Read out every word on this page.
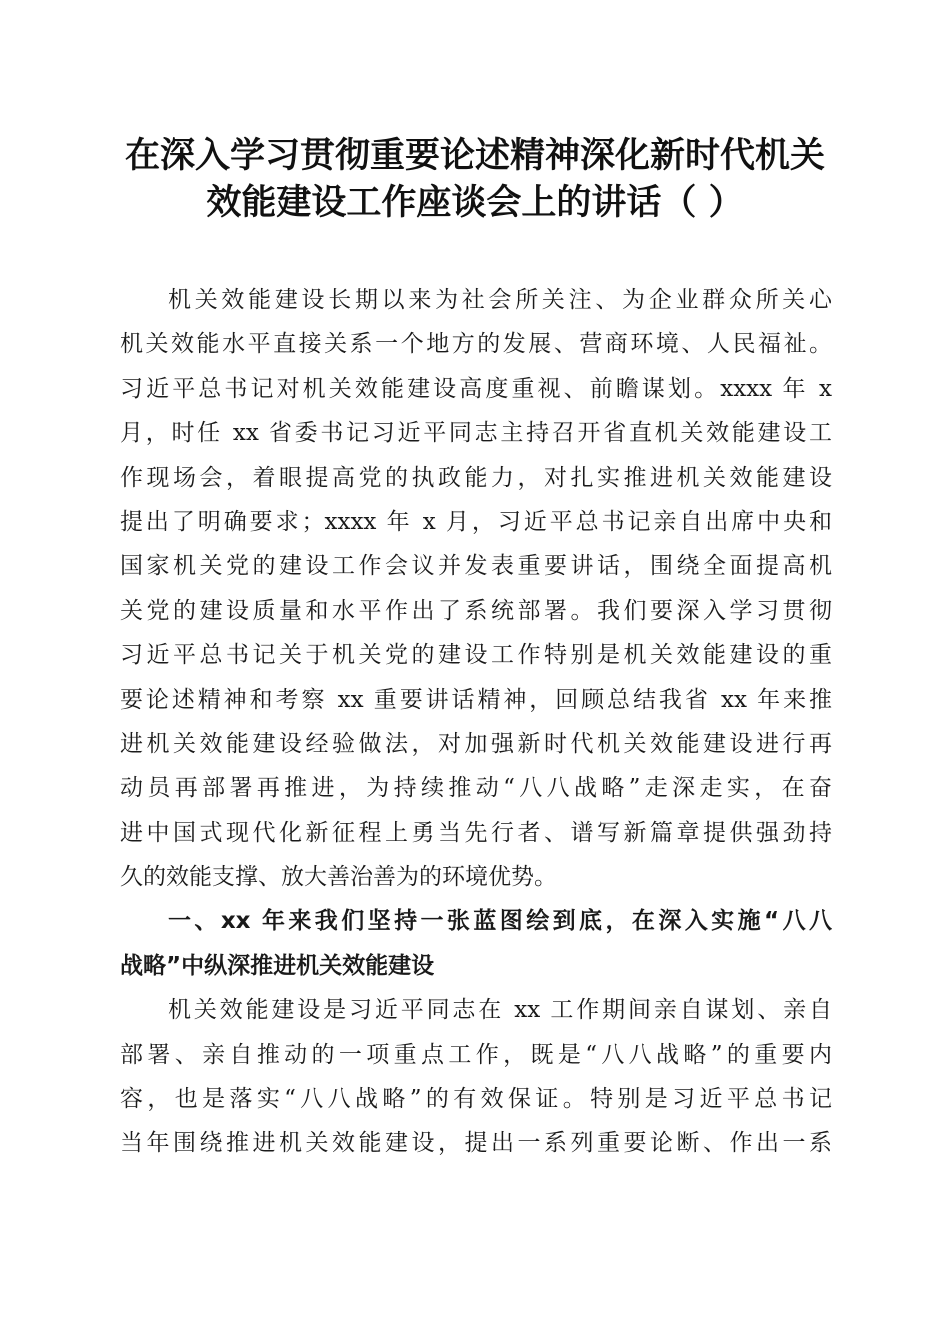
在深入学习贯彻重要论述精神深化新时代机关
效能建设工作座谈会上的讲话（ ）
机关效能建设长期以来为社会所关注、为企业群众所关心
机关效能水平直接关系一个地方的发展、营商环境、人民福祉。
习近平总书记对机关效能建设高度重视、前瞻谋划。xxxx 年 x
月，时任 xx 省委书记习近平同志主持召开省直机关效能建设工
作现场会，着眼提高党的执政能力，对扎实推进机关效能建设
提出了明确要求；xxxx 年 x 月，习近平总书记亲自出席中央和
国家机关党的建设工作会议并发表重要讲话，围绕全面提高机
关党的建设质量和水平作出了系统部署。我们要深入学习贯彻
习近平总书记关于机关党的建设工作特别是机关效能建设的重
要论述精神和考察 xx 重要讲话精神，回顾总结我省 xx 年来推
进机关效能建设经验做法，对加强新时代机关效能建设进行再
动员再部署再推进，为持续推动“八八战略”走深走实，在奋
进中国式现代化新征程上勇当先行者、谱写新篇章提供强劲持
久的效能支撑、放大善治善为的环境优势。
一、xx 年来我们坚持一张蓝图绘到底，在深入实施“八八
战略”中纵深推进机关效能建设
机关效能建设是习近平同志在 xx 工作期间亲自谋划、亲自
部署、亲自推动的一项重点工作，既是“八八战略”的重要内
容，也是落实“八八战略”的有效保证。特别是习近平总书记
当年围绕推进机关效能建设，提出一系列重要论断、作出一系
